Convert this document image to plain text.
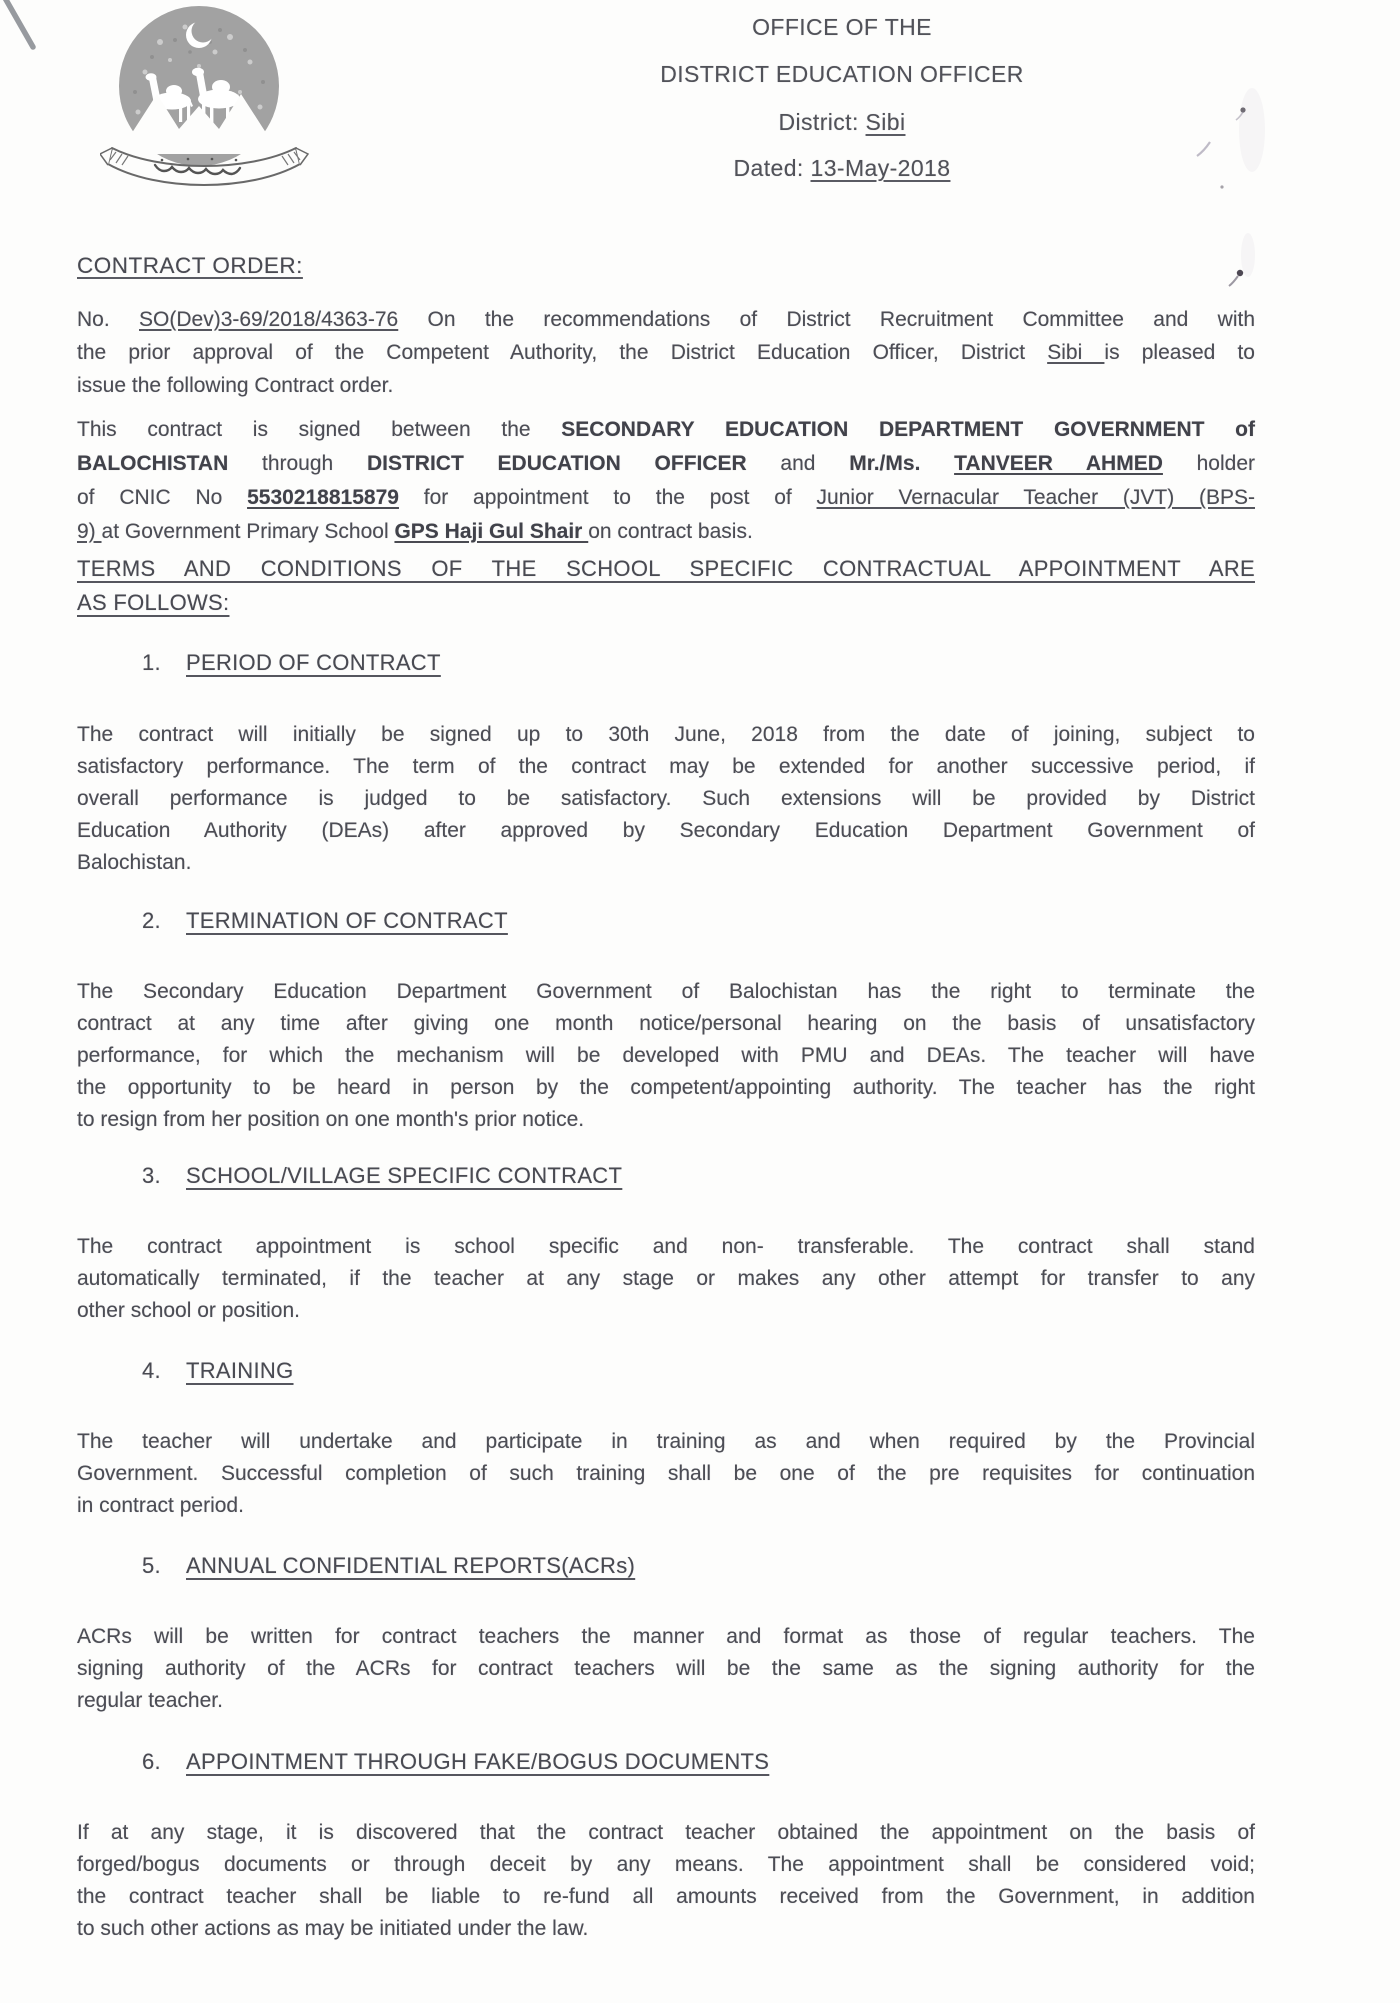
OFFICE OF THE
DISTRICT EDUCATION OFFICER
District: Sibi
Dated: 13-May-2018
CONTRACT ORDER:
No. SO(Dev)3-69/2018/4363-76 On the recommendations of District Recruitment Committee and with
the prior approval of the Competent Authority, the District Education Officer, District Sibi is pleased to
issue the following Contract order.
This contract is signed between the SECONDARY EDUCATION DEPARTMENT GOVERNMENT of
BALOCHISTAN through DISTRICT EDUCATION OFFICER and Mr./Ms. TANVEER AHMED holder
of CNIC No 5530218815879 for appointment to the post of Junior Vernacular Teacher (JVT) (BPS-
9) at Government Primary School GPS Haji Gul Shair on contract basis.
TERMS AND CONDITIONS OF THE SCHOOL SPECIFIC CONTRACTUAL APPOINTMENT ARE
AS FOLLOWS:
1.	PERIOD OF CONTRACT
The contract will initially be signed up to 30th June, 2018 from the date of joining, subject to
satisfactory performance. The term of the contract may be extended for another successive period, if
overall performance is judged to be satisfactory. Such extensions will be provided by District
Education Authority (DEAs) after approved by Secondary Education Department Government of
Balochistan.
2.	TERMINATION OF CONTRACT
The Secondary Education Department Government of Balochistan has the right to terminate the
contract at any time after giving one month notice/personal hearing on the basis of unsatisfactory
performance, for which the mechanism will be developed with PMU and DEAs. The teacher will have
the opportunity to be heard in person by the competent/appointing authority. The teacher has the right
to resign from her position on one month's prior notice.
3.	SCHOOL/VILLAGE SPECIFIC CONTRACT
The contract appointment is school specific and non- transferable. The contract shall stand
automatically terminated, if the teacher at any stage or makes any other attempt for transfer to any
other school or position.
4.	TRAINING
The teacher will undertake and participate in training as and when required by the Provincial
Government. Successful completion of such training shall be one of the pre requisites for continuation
in contract period.
5.	ANNUAL CONFIDENTIAL REPORTS(ACRs)
ACRs will be written for contract teachers the manner and format as those of regular teachers. The
signing authority of the ACRs for contract teachers will be the same as the signing authority for the
regular teacher.
6.	APPOINTMENT THROUGH FAKE/BOGUS DOCUMENTS
If at any stage, it is discovered that the contract teacher obtained the appointment on the basis of
forged/bogus documents or through deceit by any means. The appointment shall be considered void;
the contract teacher shall be liable to re-fund all amounts received from the Government, in addition
to such other actions as may be initiated under the law.
